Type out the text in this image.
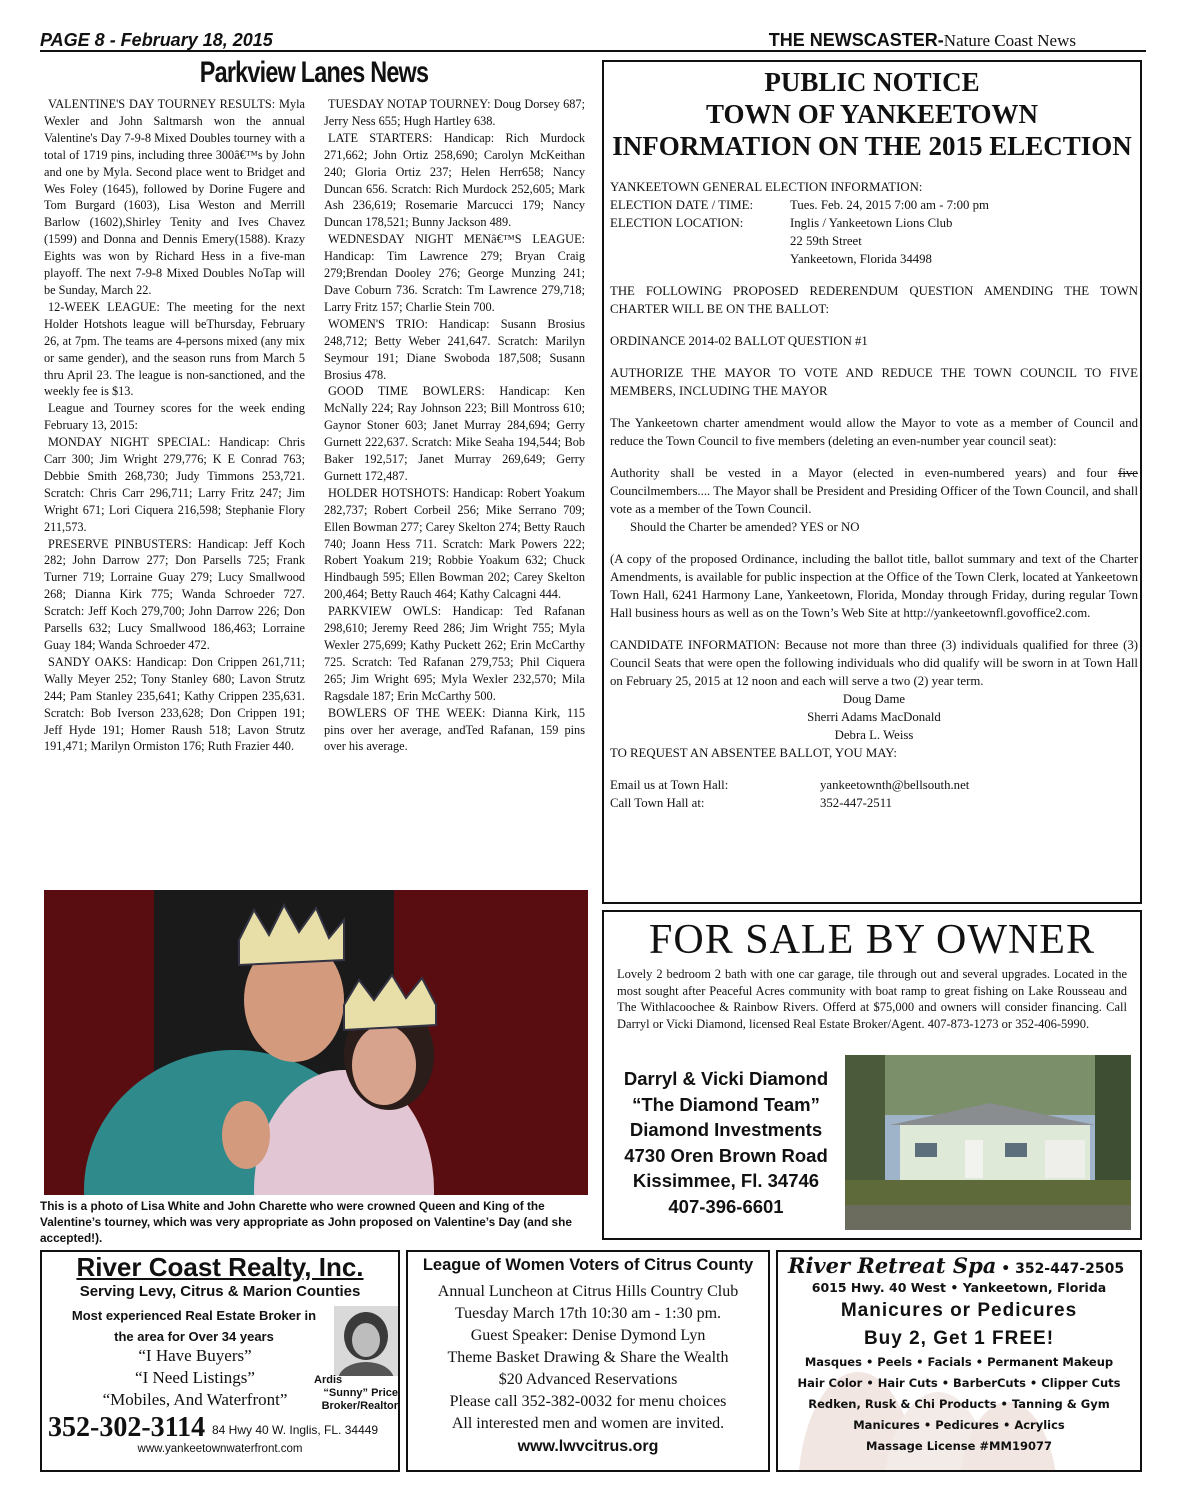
PAGE 8 - February 18, 2015	THE NEWSCASTER-Nature Coast News
Parkview Lanes News

VALENTINE'S DAY TOURNEY RESULTS: Myla Wexler and John Saltmarsh won the annual Valentine's Day 7-9-8 Mixed Doubles tourney with a total of 1719 pins, including three 300â€™s by John and one by Myla. Second place went to Bridget and Wes Foley (1645), followed by Dorine Fugere and Tom Burgard (1603), Lisa Weston and Merrill Barlow (1602),Shirley Tenity and Ives Chavez (1599) and Donna and Dennis Emery(1588). Krazy Eights was won by Richard Hess in a five-man playoff. The next 7-9-8 Mixed Doubles NoTap will be Sunday, March 22.

12-WEEK LEAGUE: The meeting for the next Holder Hotshots league will beThursday, February 26, at 7pm. The teams are 4-persons mixed (any mix or same gender), and the season runs from March 5 thru April 23. The league is non-sanctioned, and the weekly fee is $13.

League and Tourney scores for the week ending February 13, 2015:

MONDAY NIGHT SPECIAL: Handicap: Chris Carr 300; Jim Wright 279,776; K E Conrad 763; Debbie Smith 268,730; Judy Timmons 253,721. Scratch: Chris Carr 296,711; Larry Fritz 247; Jim Wright 671; Lori Ciquera 216,598; Stephanie Flory 211,573.

PRESERVE PINBUSTERS: Handicap: Jeff Koch 282; John Darrow 277; Don Parsells 725; Frank Turner 719; Lorraine Guay 279; Lucy Smallwood 268; Dianna Kirk 775; Wanda Schroeder 727. Scratch: Jeff Koch 279,700; John Darrow 226; Don Parsells 632; Lucy Smallwood 186,463; Lorraine Guay 184; Wanda Schroeder 472.

SANDY OAKS: Handicap: Don Crippen 261,711; Wally Meyer 252; Tony Stanley 680; Lavon Strutz 244; Pam Stanley 235,641; Kathy Crippen 235,631. Scratch: Bob Iverson 233,628; Don Crippen 191; Jeff Hyde 191; Homer Raush 518; Lavon Strutz 191,471; Marilyn Ormiston 176; Ruth Frazier 440.

TUESDAY NOTAP TOURNEY: Doug Dorsey 687; Jerry Ness 655; Hugh Hartley 638.

LATE STARTERS: Handicap: Rich Murdock 271,662; John Ortiz 258,690; Carolyn McKeithan 240; Gloria Ortiz 237; Helen Herr658; Nancy Duncan 656. Scratch: Rich Murdock 252,605; Mark Ash 236,619; Rosemarie Marcucci 179; Nancy Duncan 178,521; Bunny Jackson 489.

WEDNESDAY NIGHT MENâ€™S LEAGUE: Handicap: Tim Lawrence 279; Bryan Craig 279;Brendan Dooley 276; George Munzing 241; Dave Coburn 736. Scratch: Tm Lawrence 279,718; Larry Fritz 157; Charlie Stein 700.

WOMEN'S TRIO: Handicap: Susann Brosius 248,712; Betty Weber 241,647. Scratch: Marilyn Seymour 191; Diane Swoboda 187,508; Susann Brosius 478.

GOOD TIME BOWLERS: Handicap: Ken McNally 224; Ray Johnson 223; Bill Montross 610; Gaynor Stoner 603; Janet Murray 284,694; Gerry Gurnett 222,637. Scratch: Mike Seaha 194,544; Bob Baker 192,517; Janet Murray 269,649; Gerry Gurnett 172,487.

HOLDER HOTSHOTS: Handicap: Robert Yoakum 282,737; Robert Corbeil 256; Mike Serrano 709; Ellen Bowman 277; Carey Skelton 274; Betty Rauch 740; Joann Hess 711. Scratch: Mark Powers 222; Robert Yoakum 219; Robbie Yoakum 632; Chuck Hindbaugh 595; Ellen Bowman 202; Carey Skelton 200,464; Betty Rauch 464; Kathy Calcagni 444.

PARKVIEW OWLS: Handicap: Ted Rafanan 298,610; Jeremy Reed 286; Jim Wright 755; Myla Wexler 275,699; Kathy Puckett 262; Erin McCarthy 725. Scratch: Ted Rafanan 279,753; Phil Ciquera 265; Jim Wright 695; Myla Wexler 232,570; Mila Ragsdale 187; Erin McCarthy 500.

BOWLERS OF THE WEEK: Dianna Kirk, 115 pins over her average, andTed Rafanan, 159 pins over his average.

This is a photo of Lisa White and John Charette who were crowned Queen and King of the Valentine’s tourney, which was very appropriate as John proposed on Valentine’s Day (and she accepted!).
PUBLIC NOTICE
TOWN OF YANKEETOWN
INFORMATION ON THE 2015 ELECTION

YANKEETOWN GENERAL ELECTION INFORMATION:

ELECTION DATE / TIME:	Tues. Feb. 24, 2015 7:00 am - 7:00 pm
ELECTION LOCATION:	Inglis / Yankeetown Lions Club
22 59th Street
Yankeetown, Florida 34498

THE FOLLOWING PROPOSED REDERENDUM QUESTION AMENDING THE TOWN CHARTER WILL BE ON THE BALLOT:

ORDINANCE 2014-02 BALLOT QUESTION #1

AUTHORIZE THE MAYOR TO VOTE AND REDUCE THE TOWN COUNCIL TO FIVE MEMBERS, INCLUDING THE MAYOR

The Yankeetown charter amendment would allow the Mayor to vote as a member of Council and reduce the Town Council to five members (deleting an even-number year council seat):

Authority shall be vested in a Mayor (elected in even-numbered years) and four five Councilmembers.... The Mayor shall be President and Presiding Officer of the Town Council, and shall vote as a member of the Town Council.

Should the Charter be amended? YES or NO

(A copy of the proposed Ordinance, including the ballot title, ballot summary and text of the Charter Amendments, is available for public inspection at the Office of the Town Clerk, located at Yankeetown Town Hall, 6241 Harmony Lane, Yankeetown, Florida, Monday through Friday, during regular Town Hall business hours as well as on the Town’s Web Site at http://yankeetownfl.govoffice2.com.

CANDIDATE INFORMATION: Because not more than three (3) individuals qualified for three (3) Council Seats that were open the following individuals who did qualify will be sworn in at Town Hall on February 25, 2015 at 12 noon and each will serve a two (2) year term.

Doug Dame
Sherri Adams MacDonald
Debra L. Weiss

TO REQUEST AN ABSENTEE BALLOT, YOU MAY:

Email us at Town Hall:	yankeetownth@bellsouth.net
Call Town Hall at:	352-447-2511
FOR SALE BY OWNER
Lovely 2 bedroom 2 bath with one car garage, tile through out and several upgrades. Located in the most sought after Peaceful Acres community with boat ramp to great fishing on Lake Rousseau and The Withlacoochee & Rainbow Rivers. Offerd at $75,000 and owners will consider financing. Call Darryl or Vicki Diamond, licensed Real Estate Broker/Agent. 407-873-1273 or 352-406-5990.
Darryl & Vicki Diamond
“The Diamond Team”
Diamond Investments
4730 Oren Brown Road
Kissimmee, Fl. 34746
407-396-6601
River Coast Realty, Inc.
Serving Levy, Citrus & Marion Counties
Most experienced Real Estate Broker in
the area for Over 34 years
“I Have Buyers”
“I Need Listings”
“Mobiles, And Waterfront”
Ardis
“Sunny” Price
Broker/Realtor
352-302-3114 84 Hwy 40 W. Inglis, FL. 34449
www.yankeetownwaterfront.com
League of Women Voters of Citrus County
Annual Luncheon at Citrus Hills Country Club
Tuesday March 17th 10:30 am - 1:30 pm.
Guest Speaker: Denise Dymond Lyn
Theme Basket Drawing & Share the Wealth
$20 Advanced Reservations
Please call 352-382-0032 for menu choices
All interested men and women are invited.
www.lwvcitrus.org
River Retreat Spa • 352-447-2505
6015 Hwy. 40 West • Yankeetown, Florida
Manicures or Pedicures
Buy 2, Get 1 FREE!
Masques • Peels • Facials • Permanent Makeup
Hair Color • Hair Cuts • BarberCuts • Clipper Cuts
Redken, Rusk & Chi Products • Tanning & Gym
Manicures • Pedicures • Acrylics
Massage License #MM19077
